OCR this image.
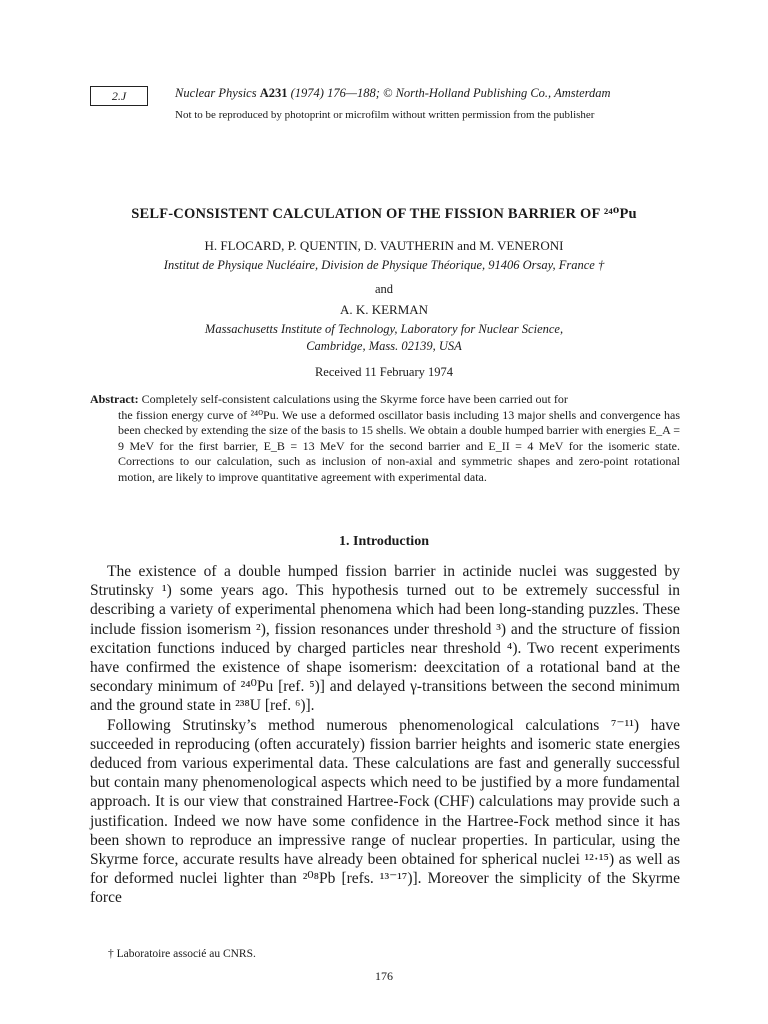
2.J	Nuclear Physics A231 (1974) 176—188; © North-Holland Publishing Co., Amsterdam
Not to be reproduced by photoprint or microfilm without written permission from the publisher
SELF-CONSISTENT CALCULATION OF THE FISSION BARRIER OF ²⁴⁰Pu
H. FLOCARD, P. QUENTIN, D. VAUTHERIN and M. VENERONI
Institut de Physique Nucléaire, Division de Physique Théorique, 91406 Orsay, France †
and
A. K. KERMAN
Massachusetts Institute of Technology, Laboratory for Nuclear Science,
Cambridge, Mass. 02139, USA
Received 11 February 1974
Abstract: Completely self-consistent calculations using the Skyrme force have been carried out for
the fission energy curve of ²⁴⁰Pu. We use a deformed oscillator basis including 13 major shells and convergence has been checked by extending the size of the basis to 15 shells. We obtain a double humped barrier with energies E_A = 9 MeV for the first barrier, E_B = 13 MeV for the second barrier and E_II = 4 MeV for the isomeric state. Corrections to our calculation, such as inclusion of non-axial and symmetric shapes and zero-point rotational motion, are likely to improve quantitative agreement with experimental data.
1. Introduction

The existence of a double humped fission barrier in actinide nuclei was suggested by Strutinsky ¹) some years ago. This hypothesis turned out to be extremely successful in describing a variety of experimental phenomena which had been long-standing puzzles. These include fission isomerism ²), fission resonances under threshold ³) and the structure of fission excitation functions induced by charged particles near threshold ⁴). Two recent experiments have confirmed the existence of shape isomerism: deexcitation of a rotational band at the secondary minimum of ²⁴⁰Pu [ref. ⁵)] and delayed γ-transitions between the second minimum and the ground state in ²³⁸U [ref. ⁶)].

Following Strutinsky’s method numerous phenomenological calculations ⁷⁻¹¹) have succeeded in reproducing (often accurately) fission barrier heights and isomeric state energies deduced from various experimental data. These calculations are fast and generally successful but contain many phenomenological aspects which need to be justified by a more fundamental approach. It is our view that constrained Hartree-Fock (CHF) calculations may provide such a justification. Indeed we now have some confidence in the Hartree-Fock method since it has been shown to reproduce an impressive range of nuclear properties. In particular, using the Skyrme force, accurate results have already been obtained for spherical nuclei ¹²·¹⁵) as well as for deformed nuclei lighter than ²⁰⁸Pb [refs. ¹³⁻¹⁷)]. Moreover the simplicity of the Skyrme force

† Laboratoire associé au CNRS.
176
